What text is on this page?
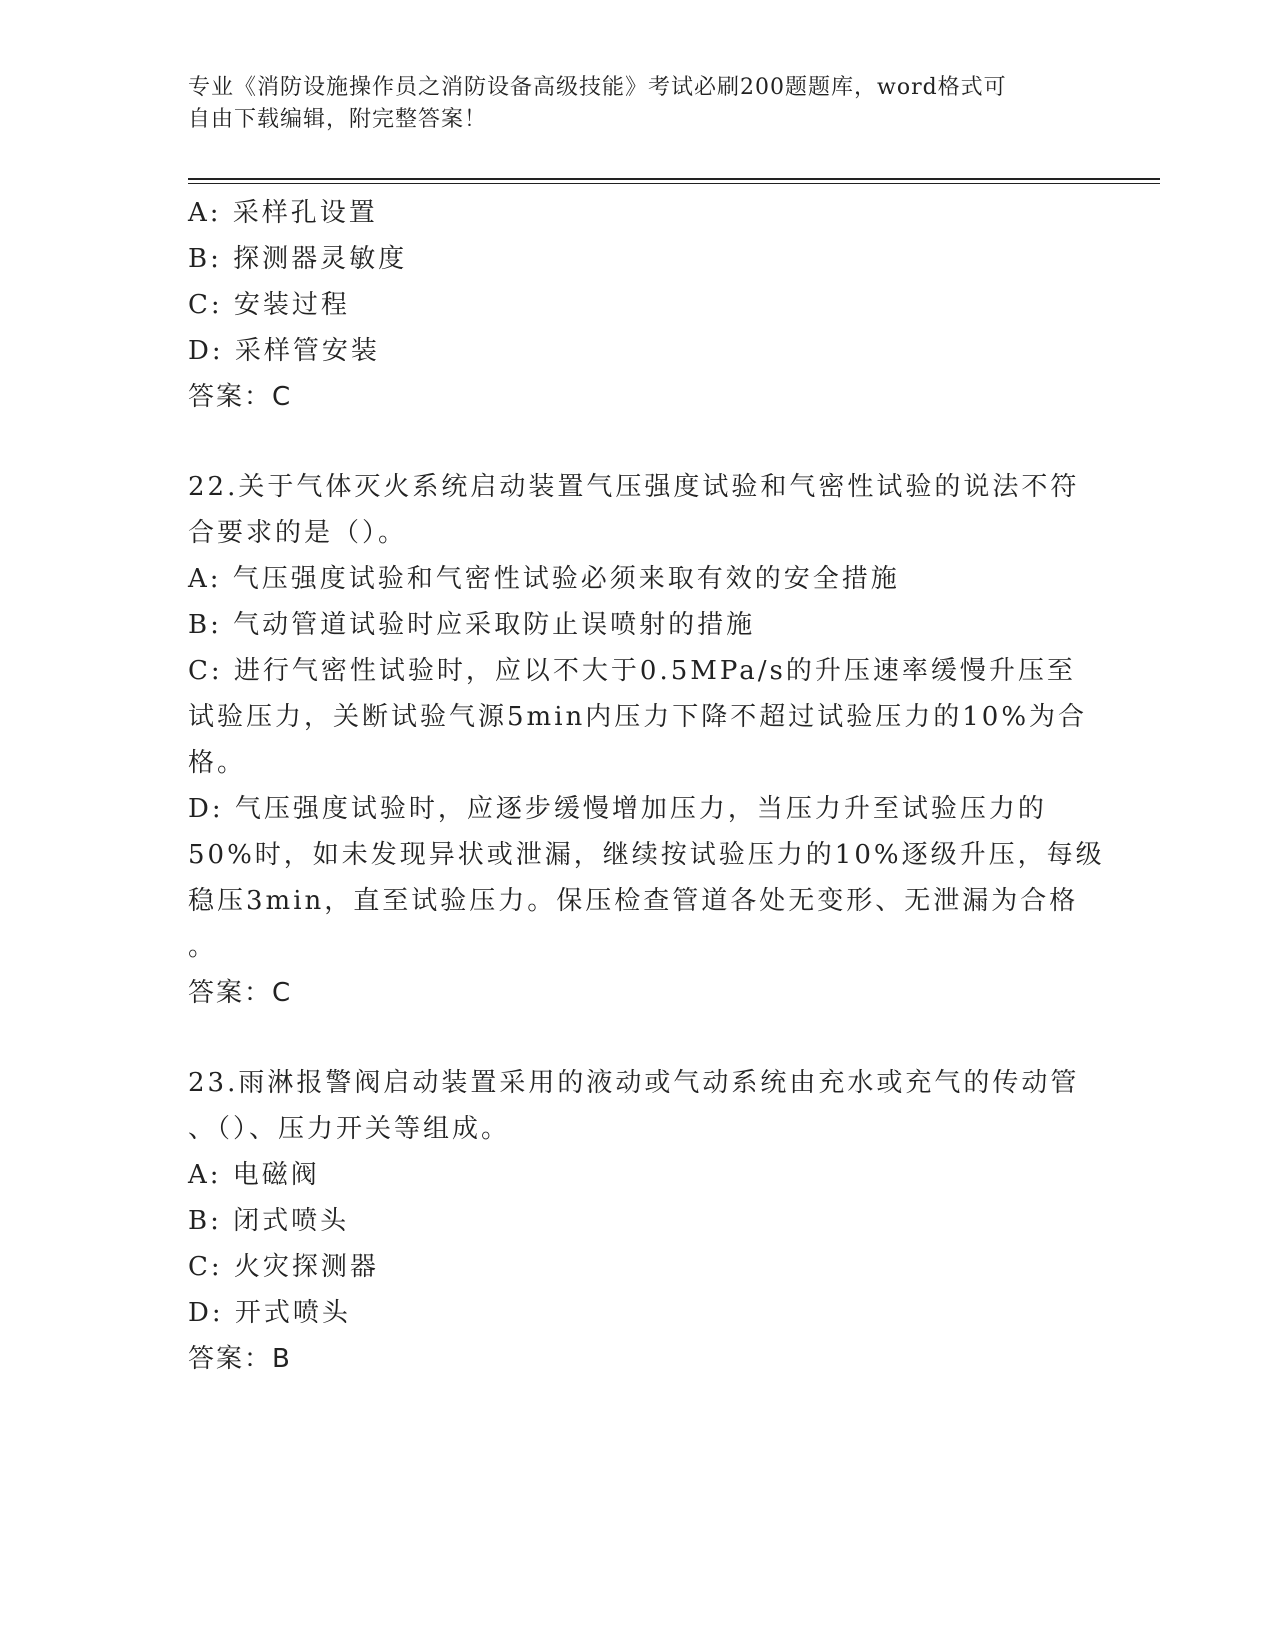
专业《消防设施操作员之消防设备高级技能》考试必刷200题题库，word格式可
自由下载编辑，附完整答案！
A: 采样孔设置
B: 探测器灵敏度
C: 安装过程
D: 采样管安装
答案：C
22.关于气体灭火系统启动装置气压强度试验和气密性试验的说法不符
合要求的是（）。
A: 气压强度试验和气密性试验必须来取有效的安全措施
B: 气动管道试验时应采取防止误喷射的措施
C: 进行气密性试验时，应以不大于0.5MPa/s的升压速率缓慢升压至
试验压力，关断试验气源5min内压力下降不超过试验压力的10%为合
格。
D: 气压强度试验时，应逐步缓慢增加压力，当压力升至试验压力的
50%时，如未发现异状或泄漏，继续按试验压力的10%逐级升压，每级
稳压3min，直至试验压力。保压检查管道各处无变形、无泄漏为合格
。
答案：C
23.雨淋报警阀启动装置采用的液动或气动系统由充水或充气的传动管
、（）、压力开关等组成。
A: 电磁阀
B: 闭式喷头
C: 火灾探测器
D: 开式喷头
答案：B
